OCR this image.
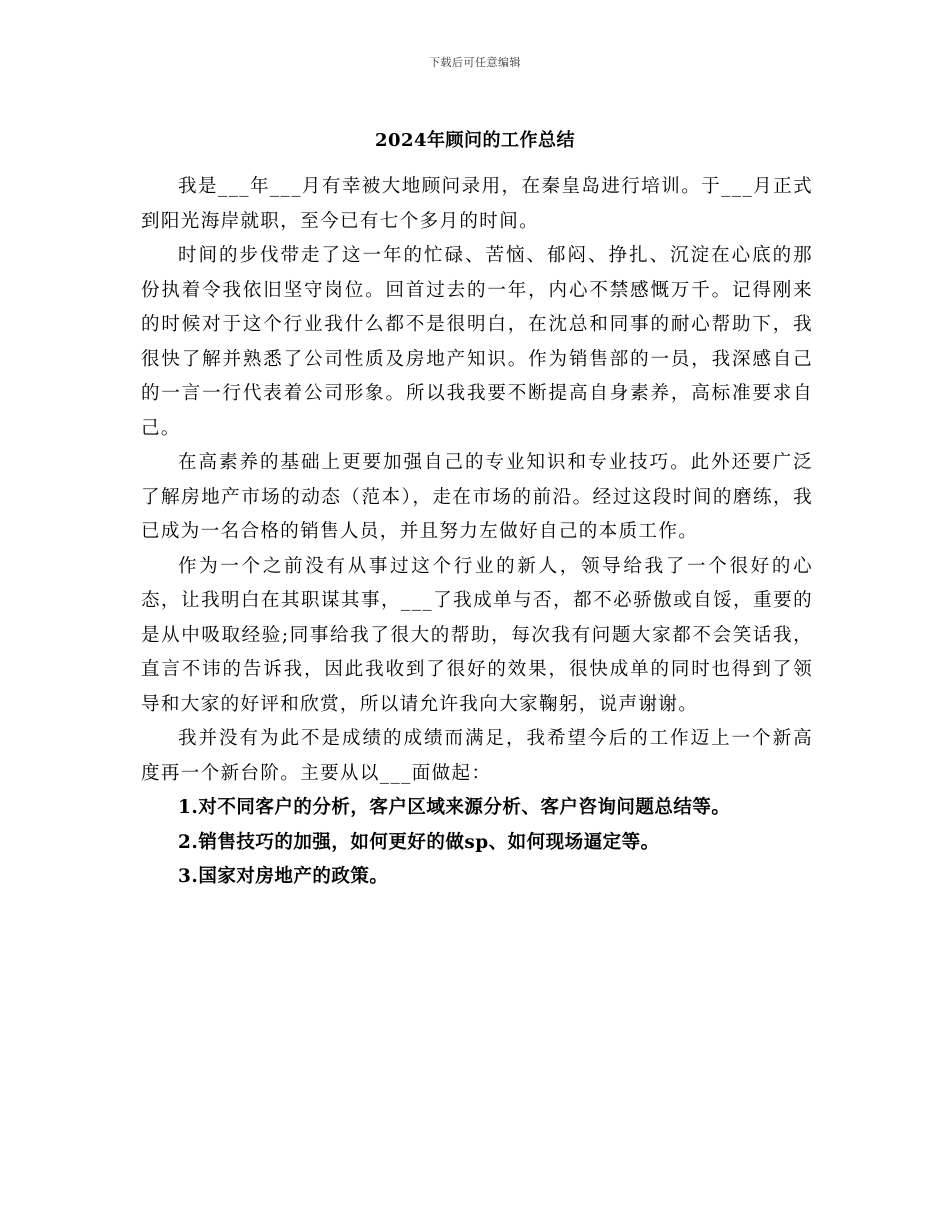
下载后可任意编辑
2024年顾问的工作总结

我是___年___月有幸被大地顾问录用，在秦皇岛进行培训。于___月正式到阳光海岸就职，至今已有七个多月的时间。

时间的步伐带走了这一年的忙碌、苦恼、郁闷、挣扎、沉淀在心底的那份执着令我依旧坚守岗位。回首过去的一年，内心不禁感慨万千。记得刚来的时候对于这个行业我什么都不是很明白，在沈总和同事的耐心帮助下，我很快了解并熟悉了公司性质及房地产知识。作为销售部的一员，我深感自己的一言一行代表着公司形象。所以我我要不断提高自身素养，高标准要求自己。

在高素养的基础上更要加强自己的专业知识和专业技巧。此外还要广泛了解房地产市场的动态（范本），走在市场的前沿。经过这段时间的磨练，我已成为一名合格的销售人员，并且努力左做好自己的本质工作。

作为一个之前没有从事过这个行业的新人，领导给我了一个很好的心态，让我明白在其职谋其事，___了我成单与否，都不必骄傲或自馁，重要的是从中吸取经验;同事给我了很大的帮助，每次我有问题大家都不会笑话我，直言不讳的告诉我，因此我收到了很好的效果，很快成单的同时也得到了领导和大家的好评和欣赏，所以请允许我向大家鞠躬，说声谢谢。

我并没有为此不是成绩的成绩而满足，我希望今后的工作迈上一个新高度再一个新台阶。主要从以___面做起：

1.对不同客户的分析，客户区域来源分析、客户咨询问题总结等。

2.销售技巧的加强，如何更好的做sp、如何现场逼定等。

3.国家对房地产的政策。
